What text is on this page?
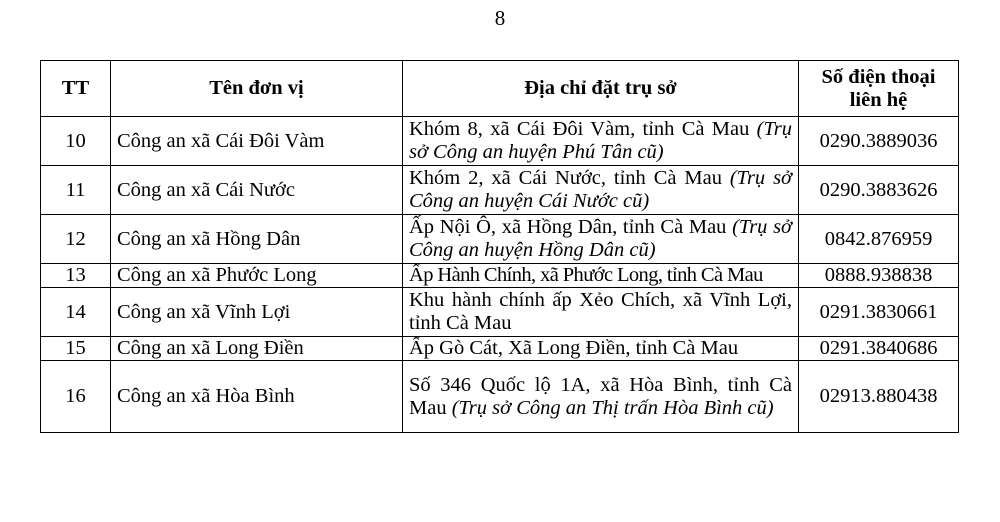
8
TT	Tên đơn vị	Địa chỉ đặt trụ sở	Số điện thoại
liên hệ
10	Công an xã Cái Đôi Vàm	Khóm 8, xã Cái Đôi Vàm, tỉnh Cà Mau (Trụ sở Công an huyện Phú Tân cũ)	0290.3889036
11	Công an xã Cái Nước	Khóm 2, xã Cái Nước, tỉnh Cà Mau (Trụ sở Công an huyện Cái Nước cũ)	0290.3883626
12	Công an xã Hồng Dân	Ấp Nội Ô, xã Hồng Dân, tỉnh Cà Mau (Trụ sở Công an huyện Hồng Dân cũ)	0842.876959
13	Công an xã Phước Long	Ấp Hành Chính, xã Phước Long, tỉnh Cà Mau	0888.938838
14	Công an xã Vĩnh Lợi	Khu hành chính ấp Xẻo Chích, xã Vĩnh Lợi, tỉnh Cà Mau	0291.3830661
15	Công an xã Long Điền	Ấp Gò Cát, Xã Long Điền, tỉnh Cà Mau	0291.3840686
16	Công an xã Hòa Bình	Số 346 Quốc lộ 1A, xã Hòa Bình, tỉnh Cà Mau (Trụ sở Công an Thị trấn Hòa Bình cũ)	02913.880438
